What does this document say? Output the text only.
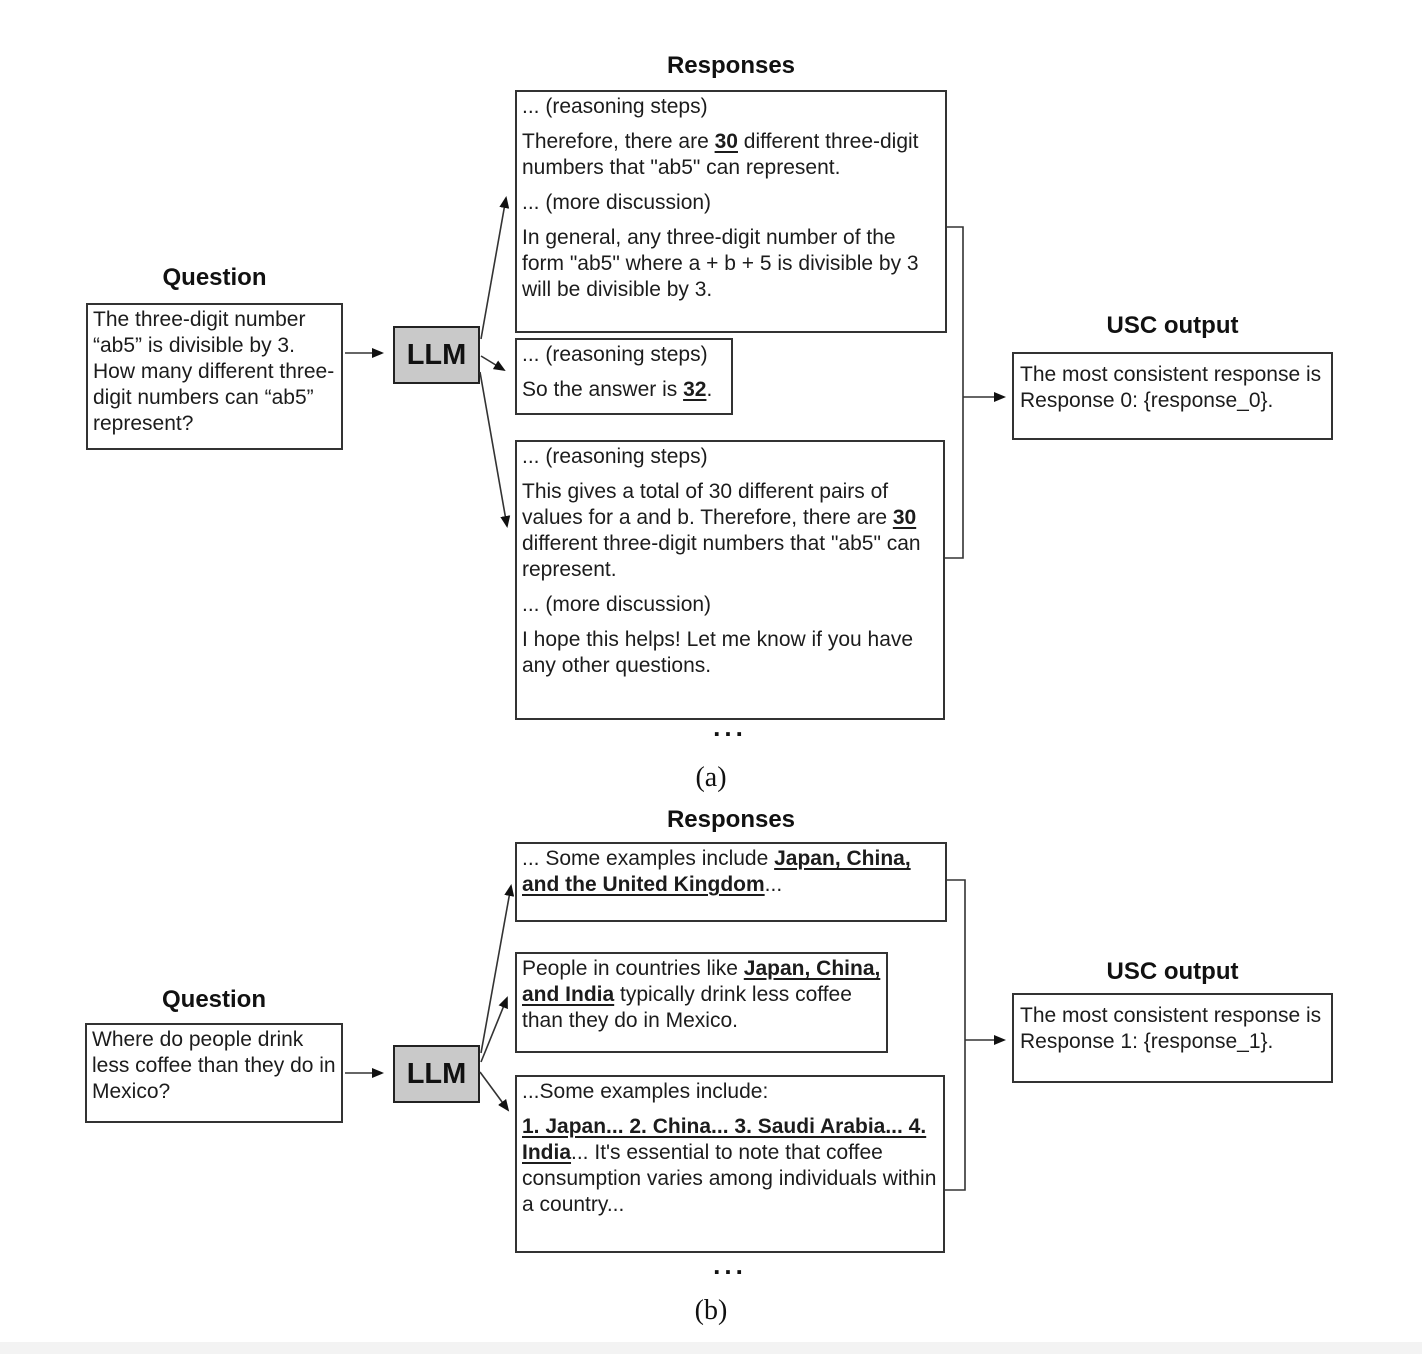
Responses
Question

The three-digit number “ab5” is divisible by 3. How many different three-digit numbers can “ab5” represent?

LLM

... (reasoning steps)

Therefore, there are 30 different three-digit numbers that "ab5" can represent.

... (more discussion)

In general, any three-digit number of the form "ab5" where a + b + 5 is divisible by 3 will be divisible by 3.

... (reasoning steps)

So the answer is 32.

... (reasoning steps)

This gives a total of 30 different pairs of values for a and b. Therefore, there are 30 different three-digit numbers that "ab5" can represent.

... (more discussion)

I hope this helps! Let me know if you have any other questions.

...
USC output

The most consistent response is Response 0: {response_0}.

(a)
Responses
Question

Where do people drink less coffee than they do in Mexico?

LLM

... Some examples include Japan, China, and the United Kingdom...

People in countries like Japan, China, and India typically drink less coffee than they do in Mexico.

...Some examples include:

1. Japan... 2. China... 3. Saudi Arabia... 4. India... It's essential to note that coffee consumption varies among individuals within a country...

...
USC output

The most consistent response is Response 1: {response_1}.

(b)
